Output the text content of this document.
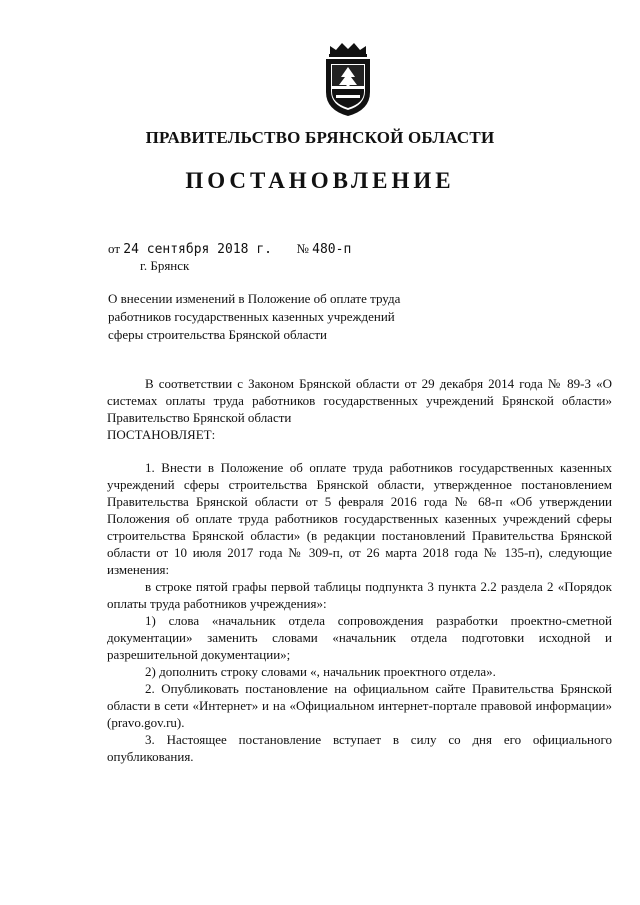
ПРАВИТЕЛЬСТВО БРЯНСКОЙ ОБЛАСТИ
ПОСТАНОВЛЕНИЕ
от 24 сентября 2018 г. № 480-п
г. Брянск
О внесении изменений в Положение об оплате труда
работников государственных казенных учреждений
сферы строительства Брянской области

В соответствии с Законом Брянской области от 29 декабря 2014 года № 89-З «О системах оплаты труда работников государственных учреждений Брянской области» Правительство Брянской области

ПОСТАНОВЛЯЕТ:

1. Внести в Положение об оплате труда работников государственных казенных учреждений сферы строительства Брянской области, утвержденное постановлением Правительства Брянской области от 5 февраля 2016 года № 68-п «Об утверждении Положения об оплате труда работников государственных казенных учреждений сферы строительства Брянской области» (в редакции постановлений Правительства Брянской области от 10 июля 2017 года № 309-п, от 26 марта 2018 года № 135-п), следующие изменения:

в строке пятой графы первой таблицы подпункта 3 пункта 2.2 раздела 2 «Порядок оплаты труда работников учреждения»:

1) слова «начальник отдела сопровождения разработки проектно-сметной документации» заменить словами «начальник отдела подготовки исходной и разрешительной документации»;

2) дополнить строку словами «, начальник проектного отдела».

2. Опубликовать постановление на официальном сайте Правительства Брянской области в сети «Интернет» и на «Официальном интернет-портале правовой информации» (pravo.gov.ru).

3. Настоящее постановление вступает в силу со дня его официального опубликования.
